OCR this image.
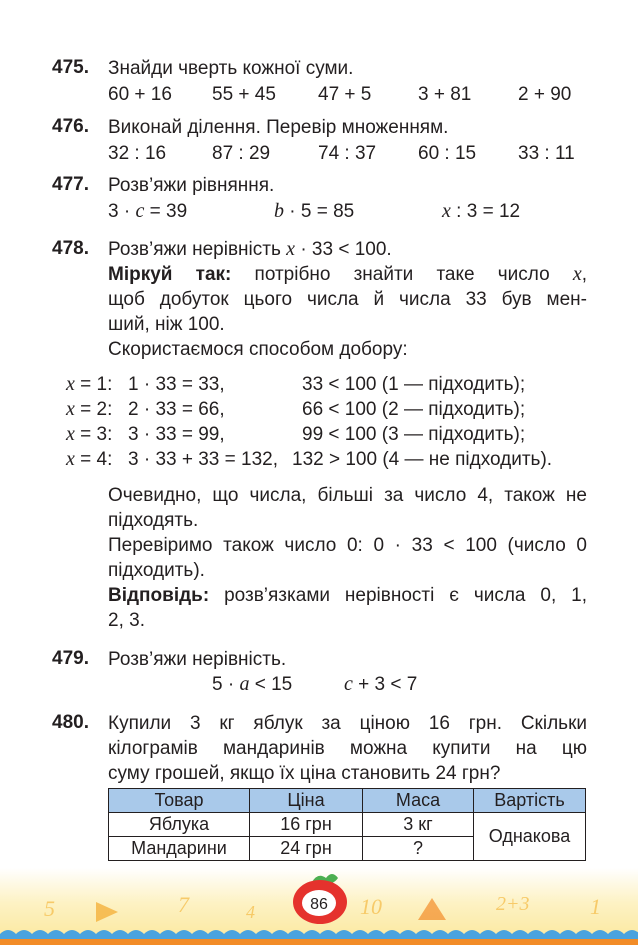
475. Знайди чверть кожної суми.
60 + 16 55 + 45 47 + 5 3 + 81 2 + 90
476. Виконай ділення. Перевір множенням.
32 : 16 87 : 29	74 : 37 60 : 15 33 : 11
477. Розв’яжи рівняння.
3 · c = 39	b · 5 = 85	x : 3 = 12
478. Розв’яжи нерівність x · 33 < 100.
Міркуй так: потрібно знайти таке число x,
щоб добуток цього числа й числа 33 був мен-
ший, ніж 100.
Скористаємося способом добору:
x = 1: 1 · 33 = 33,	33 < 100 (1 — підходить);
x = 2: 2 · 33 = 66,	66 < 100 (2 — підходить);
x = 3: 3 · 33 = 99,	99 < 100 (3 — підходить);
x = 4: 3 · 33 + 33 = 132, 132 > 100 (4 — не підходить).
Очевидно, що числа, більші за число 4, також не
підходять.
Перевіримо також число 0: 0 · 33 < 100 (число 0
підходить).
Відповідь: розв’язками нерівності є числа 0, 1,
2, 3.
479. Розв’яжи нерівність.
5 · a < 15	c + 3 < 7
480. Купили 3 кг яблук за ціною 16 грн. Скільки
кілограмів мандаринів можна купити на цю
суму грошей, якщо їх ціна становить 24 грн?
Товар	Ціна	Маса	Вартість
Яблука	16 грн	3 кг	Однакова
Мандарини	24 грн	?	
5	7	4	10	2+3	1
86
